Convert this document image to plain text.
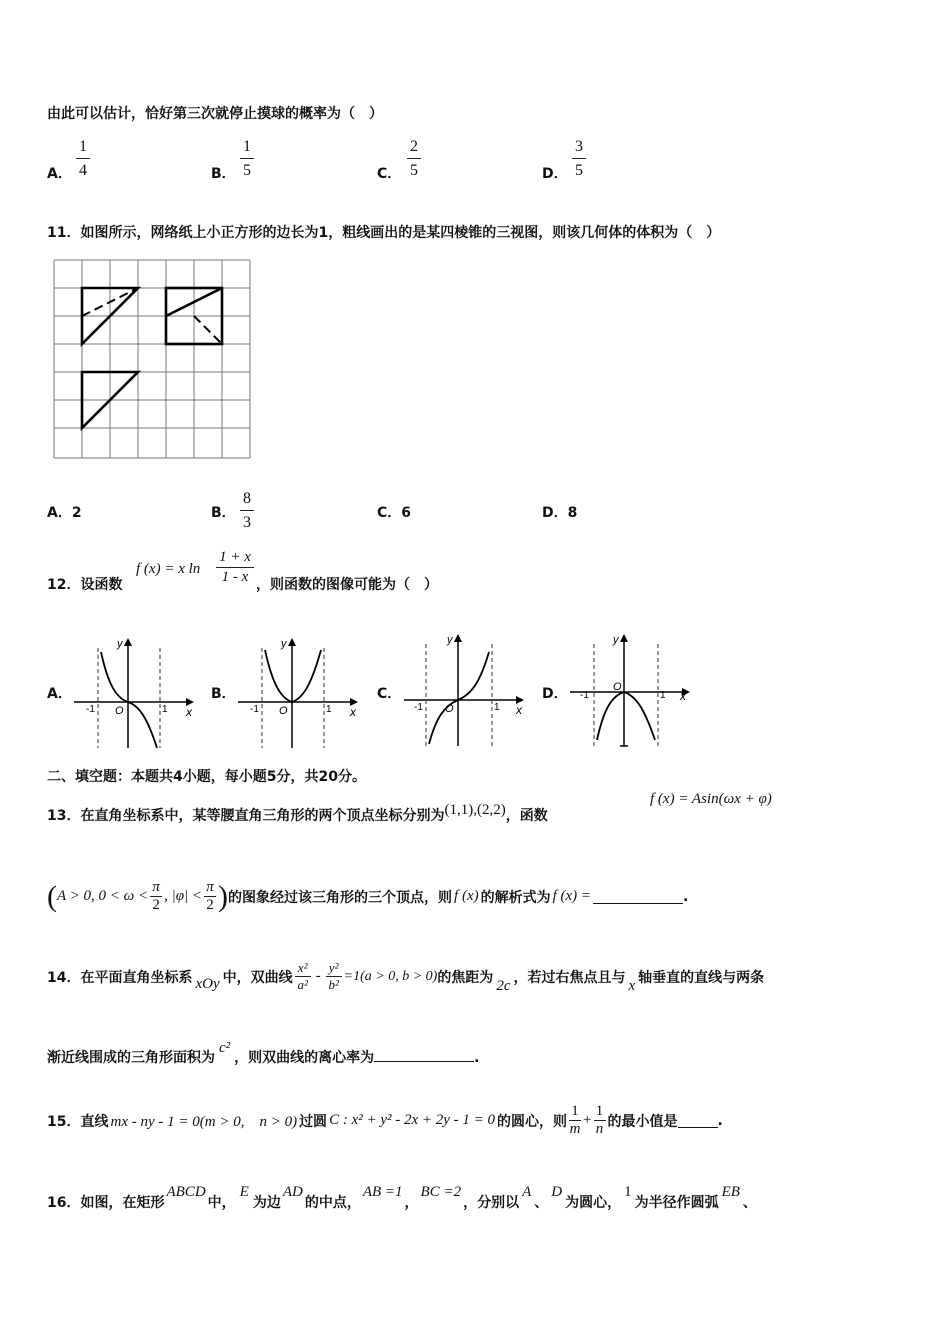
由此可以估计，恰好第三次就停止摸球的概率为（　）
A．
1
4	B．
1
5	C．
2
5	D．
3
5
11．如图所示，网络纸上小正方形的边长为1，粗线画出的是某四棱锥的三视图，则该几何体的体积为（　）
A．2	B．
8
3
C．6	D．8
12．设函数
f (x) = x ln
1 + x
1 - x ，则函数的图像可能为（　）
A．	B．	C．	D．
y
x
-1	1
O
y
x
-1	1
O
y
x
-1	1
O
y
x
-1	1
O
二、填空题：本题共4小题，每小题5分，共20分。
13．在直角坐标系中，某等腰直角三角形的两个顶点坐标分别为(1,1),(2,2)，函数
f (x) = Asin(ωx + φ)
( A > 0, 0 < ω <
π
2
, |φ| <
π
2 ) 的图象经过该三角形的三个顶点，则 f (x) 的解析式为 f (x) =	.
14．在平面直角坐标系 xOy 中，双曲线
x²
a²
-
y²
b²
=1(a > 0, b > 0) 的焦距为
2c
，若过右焦点且与
x
轴垂直的直线与两条
渐近线围成的三角形面积为c²，则双曲线的离心率为	.
15．直线 mx - ny - 1 = 0(m > 0,　n > 0) 过圆 C : x² + y² - 2x + 2y - 1 = 0 的圆心，则
1
m
+
1
n 的最小值是	.
16．如图，在矩形
ABCD
中，
E
为边
AD
的中点，
AB =1
，
BC =2
，分别以
A
、
D
为圆心，
1
为半径作圆弧
EB
、
